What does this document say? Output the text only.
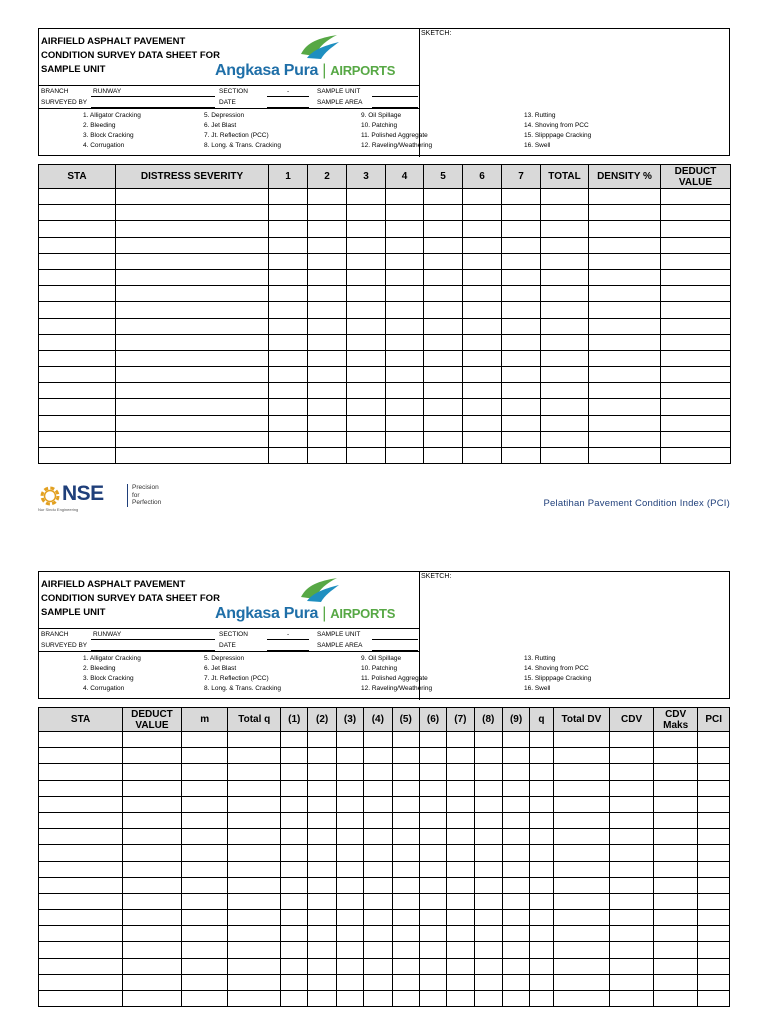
AIRFIELD ASPHALT PAVEMENT
CONDITION SURVEY DATA SHEET FOR
SAMPLE UNIT	Angkasa Pura | AIRPORTS
BRANCH	RUNWAY
SURVEYED BY
SECTION	-
DATE
SAMPLE UNIT
SAMPLE AREA
SKETCH:
1. Alligator Cracking
2. Bleeding
3. Block Cracking
4. Corrugation
5. Depression
6. Jet Blast
7. Jt. Reflection (PCC)
8. Long. & Trans. Cracking
9. Oil Spillage
10. Patching
11. Polished Aggregate
12. Raveling/Weathering
13. Rutting
14. Shoving from PCC
15. Slipppage Cracking
16. Swell
STA	DISTRESS SEVERITY	1	2	3	4	5	6	7	TOTAL	DENSITY %	DEDUCT VALUE

NSE
Nur Sindu Engineering
Precision
for
Perfection	Pelatihan Pavement Condition Index (PCI)
AIRFIELD ASPHALT PAVEMENT
CONDITION SURVEY DATA SHEET FOR
SAMPLE UNIT	Angkasa Pura | AIRPORTS
BRANCH	RUNWAY
SURVEYED BY
SECTION	-
DATE
SAMPLE UNIT
SAMPLE AREA
SKETCH:
1. Alligator Cracking
2. Bleeding
3. Block Cracking
4. Corrugation
5. Depression
6. Jet Blast
7. Jt. Reflection (PCC)
8. Long. & Trans. Cracking
9. Oil Spillage
10. Patching
11. Polished Aggregate
12. Raveling/Weathering
13. Rutting
14. Shoving from PCC
15. Slipppage Cracking
16. Swell
STA	DEDUCT VALUE	m	Total q	(1)	(2)	(3)	(4)	(5)	(6)	(7)	(8)	(9)	q	Total DV	CDV	CDV Maks	PCI
